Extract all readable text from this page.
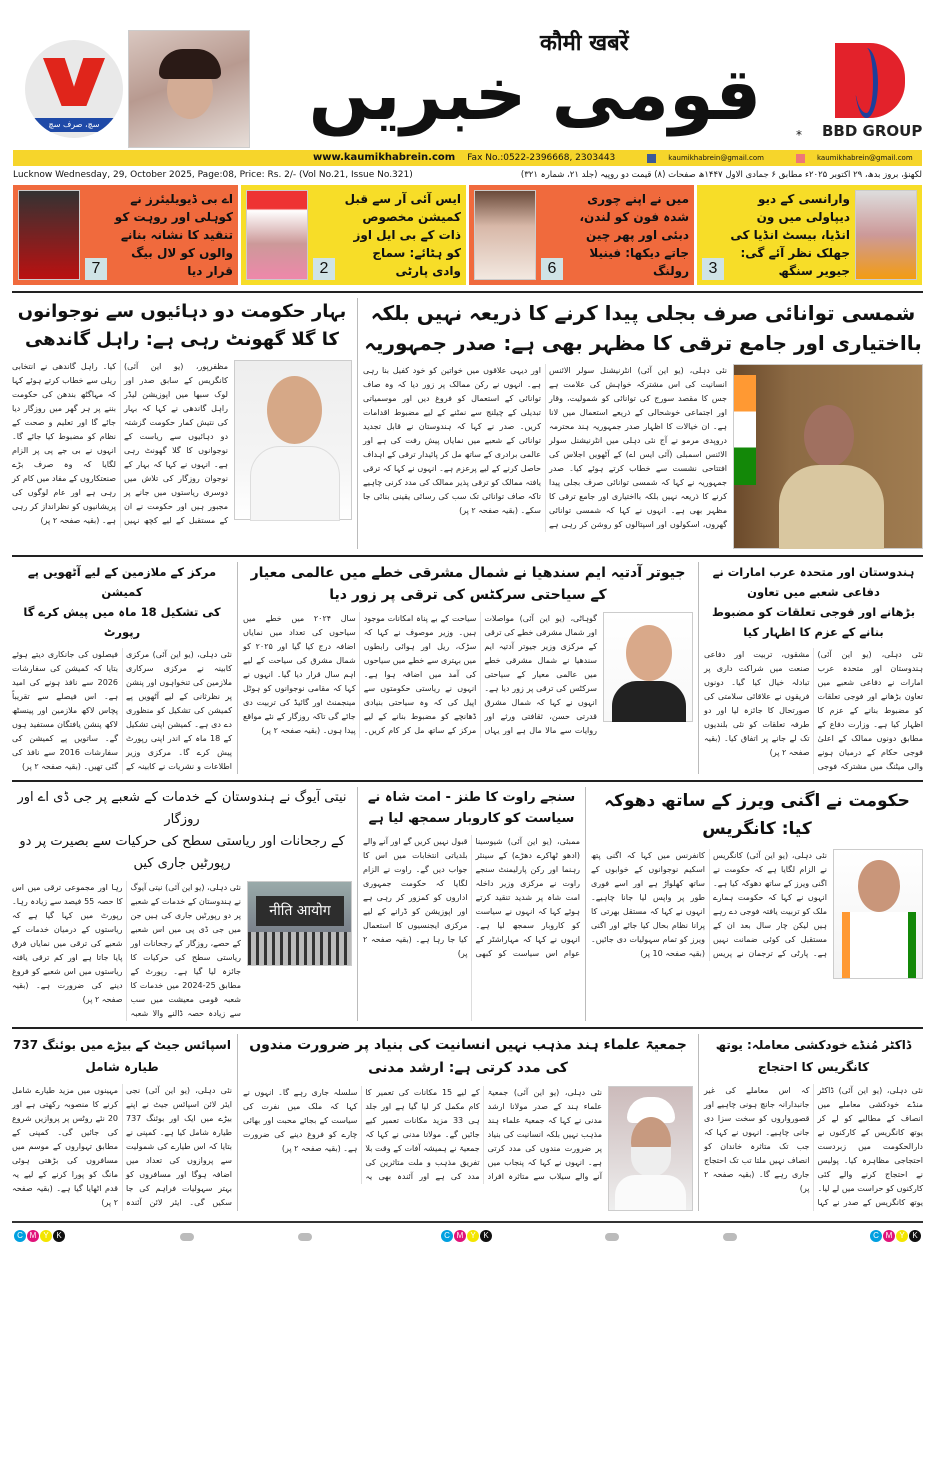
سچ، صرف سچ
कौमी खबरें
قومی خبریں	* BBD GROUP
www.kaumikhabrein.com Fax No.:0522-2396668, 2303443	kaumikhabrein@gmail.com	kaumikhabrein@gmail.com
Lucknow Wednesday, 29, October 2025, Page:08, Price: Rs. 2/- (Vol No.21, Issue No.321)	لکھنؤ، بروز بدھ، ۲۹ اکتوبر ۲۰۲۵ء مطابق ۶ جمادی الاول ۱۴۴۷ھ صفحات (۸) قیمت دو روپیہ (جلد ۲۱، شمارہ ۳۲۱)
7
اے بی ڈیویلیئرز نے کوہلی اور روہت کو تنقید کا نشانہ بنانے والوں کو لال بیگ قرار دیا	2
ایس آئی آر سے قبل کمیشن مخصوص ذات کے بی ایل اوز کو ہٹائے: سماج وادی پارٹی	6
میں نے اپنے چوری شدہ فون کو لندن، دبئی اور پھر چین جاتے دیکھا: فینیلا رولنگ	3
وارانسی کے دیو دیپاولی میں ون انڈیا، بیسٹ انڈیا کی جھلک نظر آئے گی: جیویر سنگھ
بہار حکومت دو دہائیوں سے نوجوانوں
کا گلا گھونٹ رہی ہے: راہل گاندھی
مظفرپور، (یو این آئی) کانگریس کے سابق صدر اور لوک سبھا میں اپوزیشن لیڈر راہل گاندھی نے کہا کہ بہار کی نتیش کمار حکومت گزشتہ دو دہائیوں سے ریاست کے نوجوانوں کا گلا گھونٹ رہی ہے۔ انہوں نے کہا کہ بہار کے نوجوان روزگار کی تلاش میں دوسری ریاستوں میں جانے پر مجبور ہیں اور حکومت نے ان کے مستقبل کے لیے کچھ نہیں کیا۔ راہل گاندھی نے انتخابی ریلی سے خطاب کرتے ہوئے کہا کہ مہاگٹھ بندھن کی حکومت بننے پر ہر گھر میں روزگار دیا جائے گا اور تعلیم و صحت کے نظام کو مضبوط کیا جائے گا۔ انہوں نے بی جے پی پر الزام لگایا کہ وہ صرف بڑے صنعتکاروں کے مفاد میں کام کر رہی ہے اور عام لوگوں کی پریشانیوں کو نظرانداز کر رہی ہے۔ (بقیہ صفحہ ۲ پر)
شمسی توانائی صرف بجلی پیدا کرنے کا ذریعہ نہیں بلکہ
بااختیاری اور جامع ترقی کا مظہر بھی ہے: صدر جمہوریہ
نئی دہلی، (یو این آئی) انٹرنیشنل سولر الائنس انسانیت کی اس مشترکہ خواہش کی علامت ہے جس کا مقصد سورج کی توانائی کو شمولیت، وقار اور اجتماعی خوشحالی کے ذریعے استعمال میں لانا ہے۔ ان خیالات کا اظہار صدر جمہوریہ ہند محترمہ دروپدی مرمو نے آج نئی دہلی میں انٹرنیشنل سولر الائنس اسمبلی (آئی ایس اے) کے آٹھویں اجلاس کی افتتاحی نشست سے خطاب کرتے ہوئے کیا۔ صدر جمہوریہ نے کہا کہ شمسی توانائی صرف بجلی پیدا کرنے کا ذریعہ نہیں بلکہ بااختیاری اور جامع ترقی کا مظہر بھی ہے۔ انہوں نے کہا کہ شمسی توانائی گھروں، اسکولوں اور اسپتالوں کو روشن کر رہی ہے اور دیہی علاقوں میں خواتین کو خود کفیل بنا رہی ہے۔ انہوں نے رکن ممالک پر زور دیا کہ وہ صاف توانائی کے استعمال کو فروغ دیں اور موسمیاتی تبدیلی کے چیلنج سے نمٹنے کے لیے مضبوط اقدامات کریں۔ صدر نے کہا کہ ہندوستان نے قابل تجدید توانائی کے شعبے میں نمایاں پیش رفت کی ہے اور عالمی برادری کے ساتھ مل کر پائیدار ترقی کے اہداف حاصل کرنے کے لیے پرعزم ہے۔ انہوں نے کہا کہ ترقی یافتہ ممالک کو ترقی پذیر ممالک کی مدد کرنی چاہیے تاکہ صاف توانائی تک سب کی رسائی یقینی بنائی جا سکے۔ (بقیہ صفحہ ۲ پر)
مرکز کے ملازمین کے لیے آٹھویں پے کمیشن
کی تشکیل 18 ماہ میں پیش کرے گا رپورٹ
نئی دہلی، (یو این آئی) مرکزی کابینہ نے مرکزی سرکاری ملازمین کی تنخواہوں اور پنشن پر نظرثانی کے لیے آٹھویں پے کمیشن کی تشکیل کو منظوری دے دی ہے۔ کمیشن اپنی تشکیل کے 18 ماہ کے اندر اپنی رپورٹ پیش کرے گا۔ مرکزی وزیر اطلاعات و نشریات نے کابینہ کے فیصلوں کی جانکاری دیتے ہوئے بتایا کہ کمیشن کی سفارشات 2026 سے نافذ ہونے کی امید ہے۔ اس فیصلے سے تقریباً پچاس لاکھ ملازمین اور پینسٹھ لاکھ پنشن یافتگان مستفید ہوں گے۔ ساتویں پے کمیشن کی سفارشات 2016 سے نافذ کی گئی تھیں۔ (بقیہ صفحہ ۲ پر)
جیوتر آدتیہ ایم سندھیا نے شمال مشرقی خطے میں عالمی معیار کے سیاحتی سرکٹس کی ترقی پر زور دیا
گوہاٹی، (یو این آئی) مواصلات اور شمال مشرقی خطے کی ترقی کے مرکزی وزیر جیوتر آدتیہ ایم سندھیا نے شمال مشرقی خطے میں عالمی معیار کے سیاحتی سرکٹس کی ترقی پر زور دیا ہے۔ انہوں نے کہا کہ شمال مشرق قدرتی حسن، ثقافتی ورثے اور روایات سے مالا مال ہے اور یہاں سیاحت کے بے پناہ امکانات موجود ہیں۔ وزیر موصوف نے کہا کہ سڑک، ریل اور ہوائی رابطوں میں بہتری سے خطے میں سیاحوں کی آمد میں اضافہ ہوا ہے۔ انہوں نے ریاستی حکومتوں سے اپیل کی کہ وہ سیاحتی بنیادی ڈھانچے کو مضبوط بنانے کے لیے مرکز کے ساتھ مل کر کام کریں۔ سال ۲۰۲۴ میں خطے میں سیاحوں کی تعداد میں نمایاں اضافہ درج کیا گیا اور ۲۰۲۵ کو شمال مشرق کی سیاحت کے لیے اہم سال قرار دیا گیا۔ انہوں نے کہا کہ مقامی نوجوانوں کو ہوٹل مینجمنٹ اور گائیڈ کی تربیت دی جائے گی تاکہ روزگار کے نئے مواقع پیدا ہوں۔ (بقیہ صفحہ ۲ پر)
ہندوستان اور متحدہ عرب امارات نے دفاعی شعبے میں تعاون
بڑھانے اور فوجی تعلقات کو مضبوط بنانے کے عزم کا اظہار کیا
نئی دہلی، (یو این آئی) ہندوستان اور متحدہ عرب امارات نے دفاعی شعبے میں تعاون بڑھانے اور فوجی تعلقات کو مضبوط بنانے کے عزم کا اظہار کیا ہے۔ وزارت دفاع کے مطابق دونوں ممالک کے اعلیٰ فوجی حکام کے درمیان ہونے والی میٹنگ میں مشترکہ فوجی مشقوں، تربیت اور دفاعی صنعت میں شراکت داری پر تبادلہ خیال کیا گیا۔ دونوں فریقوں نے علاقائی سلامتی کی صورتحال کا جائزہ لیا اور دو طرفہ تعلقات کو نئی بلندیوں تک لے جانے پر اتفاق کیا۔ (بقیہ صفحہ ۲ پر)
نیتی آیوگ نے ہندوستان کے خدمات کے شعبے پر جی ڈی اے اور روزگار
کے رجحانات اور ریاستی سطح کی حرکیات سے بصیرت پر دو رپورٹیں جاری کیں
نئی دہلی، (یو این آئی) نیتی آیوگ نے ہندوستان کے خدمات کے شعبے پر دو رپورٹیں جاری کی ہیں جن میں جی ڈی پی میں اس شعبے کے حصے، روزگار کے رجحانات اور ریاستی سطح کی حرکیات کا جائزہ لیا گیا ہے۔ رپورٹ کے مطابق 25-2024 میں خدمات کا شعبہ قومی معیشت میں سب سے زیادہ حصہ ڈالنے والا شعبہ رہا اور مجموعی ترقی میں اس کا حصہ 55 فیصد سے زیادہ رہا۔ رپورٹ میں کہا گیا ہے کہ ریاستوں کے درمیان خدمات کے شعبے کی ترقی میں نمایاں فرق پایا جاتا ہے اور کم ترقی یافتہ ریاستوں میں اس شعبے کو فروغ دینے کی ضرورت ہے۔ (بقیہ صفحہ ۲ پر)
नीति आयोग
سنجے راوت کا طنز - امت شاہ نے
سیاست کو کاروبار سمجھ لیا ہے
ممبئی، (یو این آئی) شیوسینا (ادھو ٹھاکرے دھڑے) کے سینئر رہنما اور رکن پارلیمنٹ سنجے راوت نے مرکزی وزیر داخلہ امت شاہ پر شدید تنقید کرتے ہوئے کہا کہ انہوں نے سیاست کو کاروبار سمجھ لیا ہے۔ انہوں نے کہا کہ مہاراشٹر کے عوام اس سیاست کو کبھی قبول نہیں کریں گے اور آنے والے بلدیاتی انتخابات میں اس کا جواب دیں گے۔ راوت نے الزام لگایا کہ حکومت جمہوری اداروں کو کمزور کر رہی ہے اور اپوزیشن کو ڈرانے کے لیے مرکزی ایجنسیوں کا استعمال کیا جا رہا ہے۔ (بقیہ صفحہ ۲ پر)
حکومت نے اگنی ویرز کے ساتھ دھوکہ کیا: کانگریس
نئی دہلی، (یو این آئی) کانگریس نے الزام لگایا ہے کہ حکومت نے اگنی ویرز کے ساتھ دھوکہ کیا ہے۔ انہوں نے کہا کہ حکومت ہمارے ملک کو تربیت یافتہ فوجی دے رہے ہیں لیکن چار سال بعد ان کے مستقبل کی کوئی ضمانت نہیں ہے۔ پارٹی کے ترجمان نے پریس کانفرنس میں کہا کہ اگنی پتھ اسکیم نوجوانوں کے خوابوں کے ساتھ کھلواڑ ہے اور اسے فوری طور پر واپس لیا جانا چاہیے۔ انہوں نے کہا کہ مستقل بھرتی کا پرانا نظام بحال کیا جائے اور اگنی ویرز کو تمام سہولیات دی جائیں۔ (بقیہ صفحہ 10 پر)
اسپائس جیٹ کے بیڑے میں بوئنگ 737 طیارہ شامل
نئی دہلی، (یو این آئی) نجی ایئر لائن اسپائس جیٹ نے اپنے بیڑے میں ایک اور بوئنگ 737 طیارہ شامل کیا ہے۔ کمپنی نے بتایا کہ اس طیارے کی شمولیت سے پروازوں کی تعداد میں اضافہ ہوگا اور مسافروں کو بہتر سہولیات فراہم کی جا سکیں گی۔ ایئر لائن آئندہ مہینوں میں مزید طیارے شامل کرنے کا منصوبہ رکھتی ہے اور 20 نئے روٹس پر پروازیں شروع کی جائیں گی۔ کمپنی کے مطابق تہواروں کے موسم میں مسافروں کی بڑھتی ہوئی مانگ کو پورا کرنے کے لیے یہ قدم اٹھایا گیا ہے۔ (بقیہ صفحہ ۲ پر)
جمعیۃ علماء ہند مذہب نہیں انسانیت کی بنیاد پر ضرورت مندوں کی مدد کرتی ہے: ارشد مدنی
نئی دہلی، (یو این آئی) جمعیۃ علماء ہند کے صدر مولانا ارشد مدنی نے کہا کہ جمعیۃ علماء ہند مذہب نہیں بلکہ انسانیت کی بنیاد پر ضرورت مندوں کی مدد کرتی ہے۔ انہوں نے کہا کہ پنجاب میں آنے والے سیلاب سے متاثرہ افراد کے لیے 15 مکانات کی تعمیر کا کام مکمل کر لیا گیا ہے اور جلد ہی 33 مزید مکانات تعمیر کیے جائیں گے۔ مولانا مدنی نے کہا کہ جمعیۃ نے ہمیشہ آفات کے وقت بلا تفریق مذہب و ملت متاثرین کی مدد کی ہے اور آئندہ بھی یہ سلسلہ جاری رہے گا۔ انہوں نے کہا کہ ملک میں نفرت کی سیاست کے بجائے محبت اور بھائی چارے کو فروغ دینے کی ضرورت ہے۔ (بقیہ صفحہ ۲ پر)
ڈاکٹر مُنڈے خودکشی معاملہ: یوتھ کانگریس کا احتجاج
نئی دہلی، (یو این آئی) ڈاکٹر منڈے خودکشی معاملے میں انصاف کے مطالبے کو لے کر یوتھ کانگریس کے کارکنوں نے دارالحکومت میں زبردست احتجاجی مظاہرہ کیا۔ پولیس نے احتجاج کرنے والے کئی کارکنوں کو حراست میں لے لیا۔ یوتھ کانگریس کے صدر نے کہا کہ اس معاملے کی غیر جانبدارانہ جانچ ہونی چاہیے اور قصورواروں کو سخت سزا دی جانی چاہیے۔ انہوں نے کہا کہ جب تک متاثرہ خاندان کو انصاف نہیں ملتا تب تک احتجاج جاری رہے گا۔ (بقیہ صفحہ ۲ پر)
C M Y K	C M Y K	C M Y K
